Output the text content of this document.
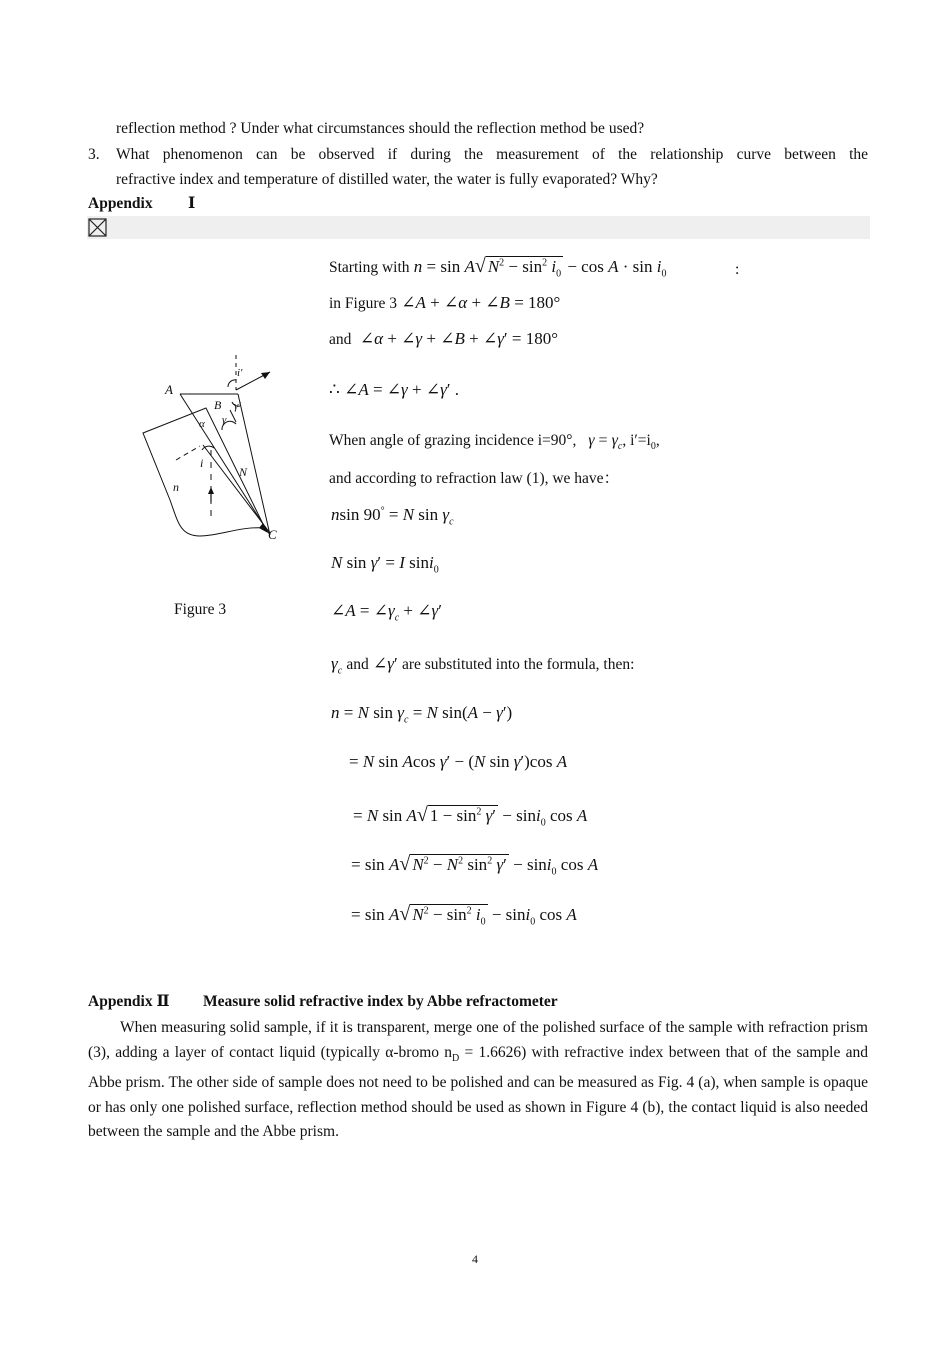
reflection method ? Under what circumstances should the reflection method be used?
3. What phenomenon can be observed if during the measurement of the relationship curve between the
refractive index and temperature of distilled water, the water is fully evaporated? Why?
Appendix Ⅰ
A
B
C
N
n
i
i′
α γ
γ′
Figure 3
Starting with n = sin A√ $N^2 - \sin^2 i_0 - \cos A \cdot \sin i_0$	:
in Figure 3 ∠A + ∠α + ∠B = 180°
and  ∠α + ∠γ + ∠B + ∠γ′ = 180°
∴ ∠A = ∠γ + ∠γ′ .
When angle of grazing incidence i=90°, $\gamma = \gamma_c$, $i'=i_0$,
and according to refraction law (1), we have：
nsin 90° = N $\sin \gamma_c$
N sin γ′ = I sini$_0$
∠A = $\angle\gamma_c$ + ∠γ′
$\gamma_c$ and ∠γ′ are substituted into the formula, then:
n = N $\sin \gamma_c = N$ sin(A − γ′)
= N sin Acos γ′ − (N sin γ′)cos A
= N sin A√ $1 - \sin^2 \gamma' - \sin i_0$ cos A
= sin A√ $N^2 - N^2$ $\sin^2 \gamma' - \sin i_0$ cos A
= sin A√ $N^2 - \sin^2 i_0 - \sin i_0$ cos A
Appendix Ⅱ Measure solid refractive index by Abbe refractometer
When measuring solid sample, if it is transparent, merge one of the polished surface of the sample with refraction prism (3), adding a layer of contact liquid (typically α-bromo $n_D = 1.6626$) with refractive index between that of the sample and Abbe prism. The other side of sample does not need to be polished and can be measured as Fig. 4 (a), when sample is opaque or has only one polished surface, reflection method should be used as shown in Figure 4 (b), the contact liquid is also needed between the sample and the Abbe prism.
4
